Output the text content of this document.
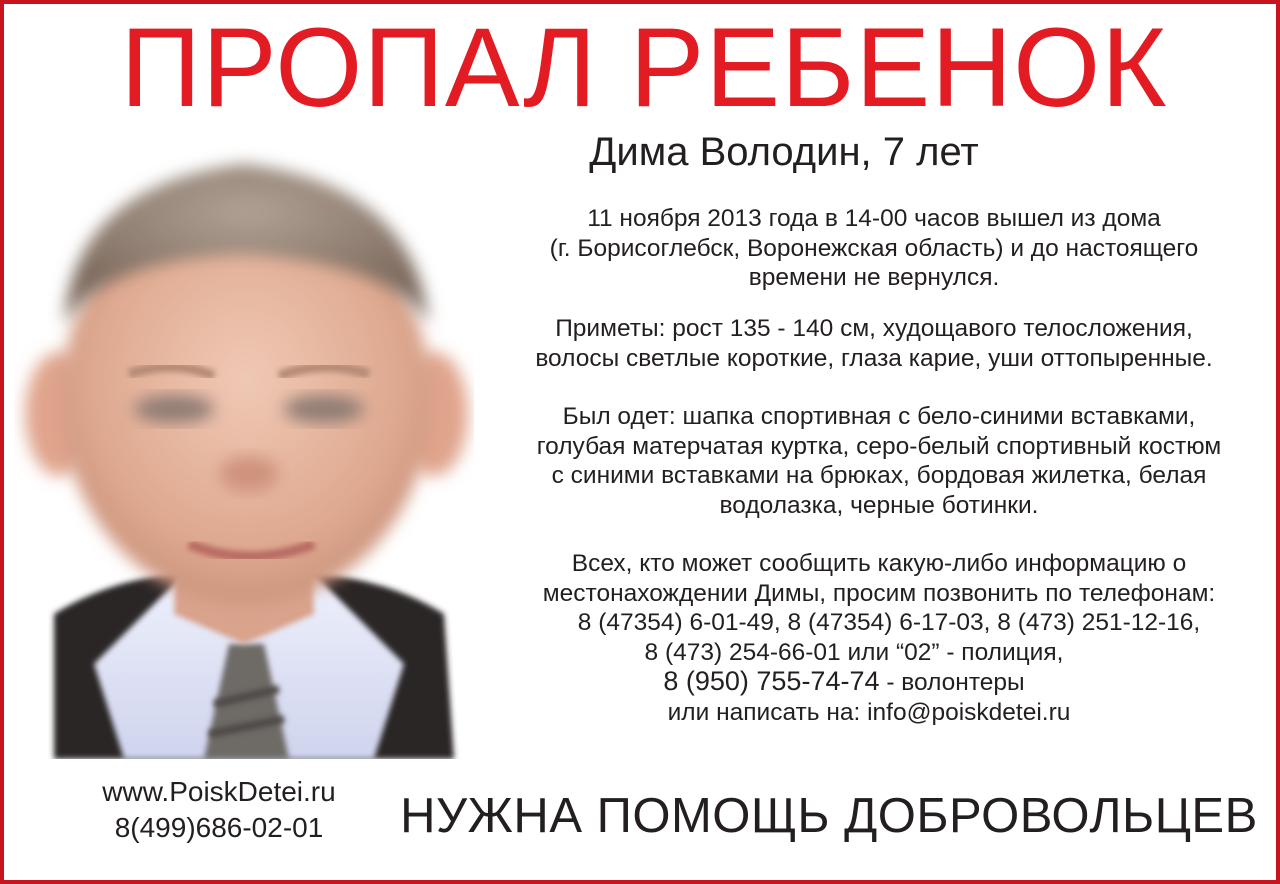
ПРОПАЛ РЕБЕНОК
Дима Володин, 7 лет
11 ноября 2013 года в 14-00 часов вышел из дома
(г. Борисоглебск, Воронежская область) и до настоящего
времени не вернулся.
Приметы: рост 135 - 140 см, худощавого телосложения,
волосы светлые короткие, глаза карие, уши оттопыренные.
Был одет: шапка спортивная с бело-синими вставками,
голубая матерчатая куртка, серо-белый спортивный костюм
с синими вставками на брюках, бордовая жилетка, белая
водолазка, черные ботинки.
Всех, кто может сообщить какую-либо информацию о
местонахождении Димы, просим позвонить по телефонам:
8 (47354) 6-01-49, 8 (47354) 6-17-03, 8 (473) 251-12-16,
8 (473) 254-66-01 или “02” - полиция,
8 (950) 755-74-74 - волонтеры
или написать на: info@poiskdetei.ru
www.PoiskDetei.ru
8(499)686-02-01	НУЖНА ПОМОЩЬ ДОБРОВОЛЬЦЕВ
